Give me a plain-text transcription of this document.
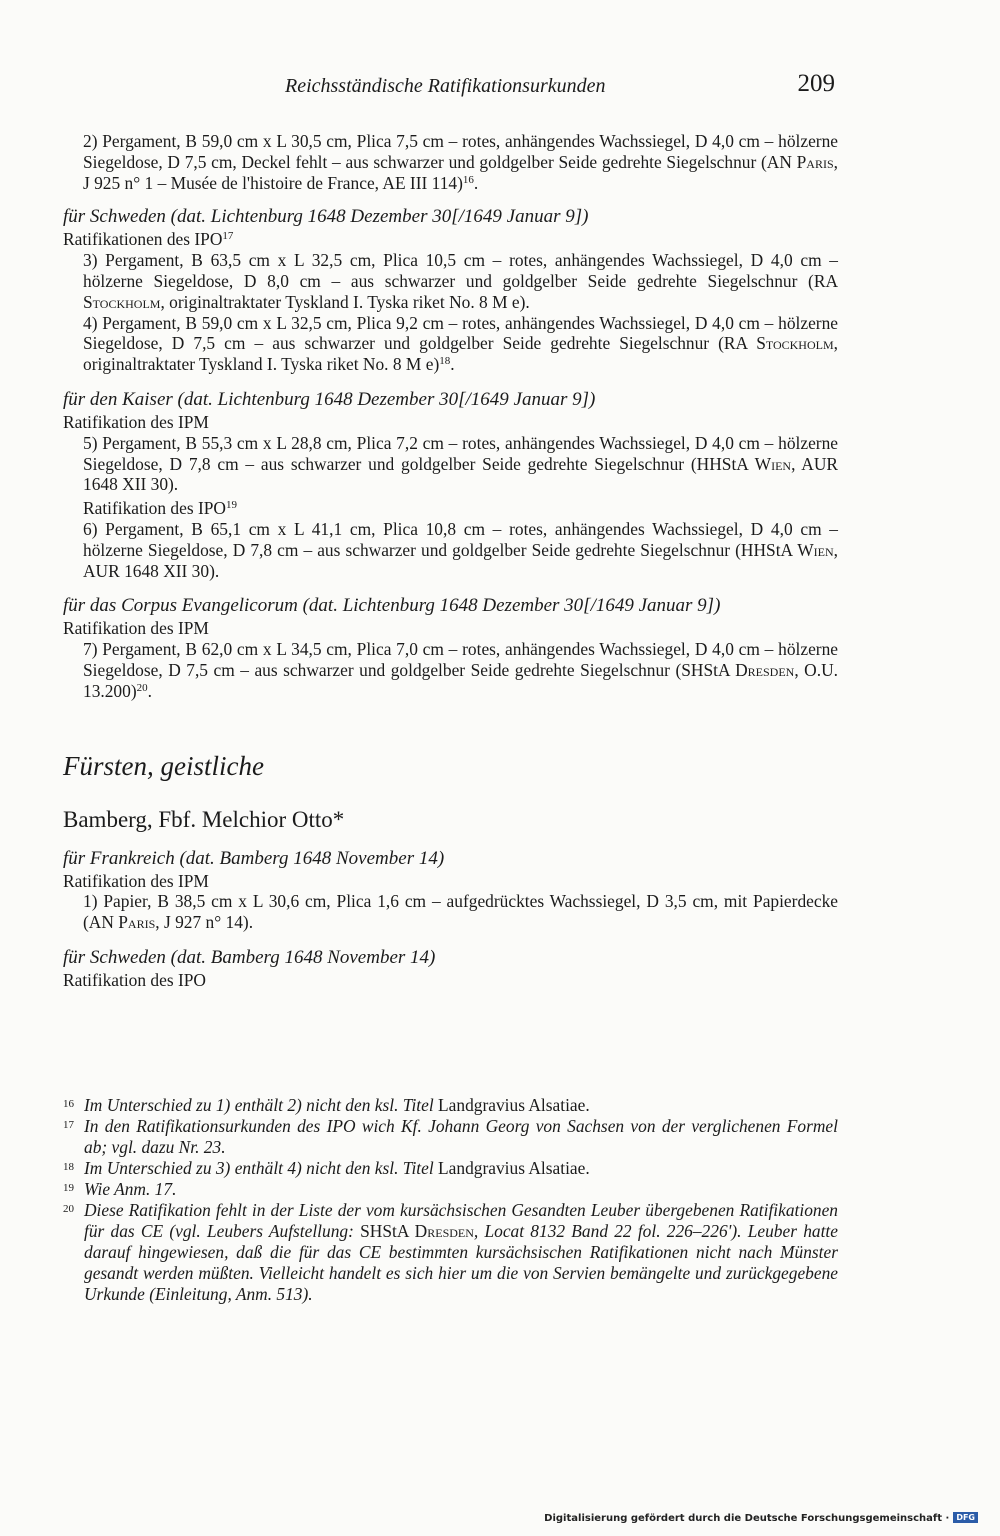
Reichsständische Ratifikationsurkunden	209

2) Pergament, B 59,0 cm x L 30,5 cm, Plica 7,5 cm – rotes, anhängendes Wachssiegel, D 4,0 cm – hölzerne Siegeldose, D 7,5 cm, Deckel fehlt – aus schwarzer und goldgelber Seide gedrehte Siegelschnur (AN Paris, J 925 n° 1 – Musée de l'histoire de France, AE III 114)$^{16}$.

für Schweden (dat. Lichtenburg 1648 Dezember 30[/1649 Januar 9])
Ratifikationen des IPO$^{17}$

3) Pergament, B 63,5 cm x L 32,5 cm, Plica 10,5 cm – rotes, anhängendes Wachssiegel, D 4,0 cm – hölzerne Siegeldose, D 8,0 cm – aus schwarzer und goldgelber Seide gedrehte Siegelschnur (RA Stockholm, originaltraktater Tyskland I. Tyska riket No. 8 M e).

4) Pergament, B 59,0 cm x L 32,5 cm, Plica 9,2 cm – rotes, anhängendes Wachssiegel, D 4,0 cm – hölzerne Siegeldose, D 7,5 cm – aus schwarzer und goldgelber Seide gedrehte Siegelschnur (RA Stockholm, originaltraktater Tyskland I. Tyska riket No. 8 M e)$^{18}$.

für den Kaiser (dat. Lichtenburg 1648 Dezember 30[/1649 Januar 9])
Ratifikation des IPM

5) Pergament, B 55,3 cm x L 28,8 cm, Plica 7,2 cm – rotes, anhängendes Wachssiegel, D 4,0 cm – hölzerne Siegeldose, D 7,8 cm – aus schwarzer und goldgelber Seide gedrehte Siegelschnur (HHStA Wien, AUR 1648 XII 30).

Ratifikation des IPO$^{19}$

6) Pergament, B 65,1 cm x L 41,1 cm, Plica 10,8 cm – rotes, anhängendes Wachssiegel, D 4,0 cm – hölzerne Siegeldose, D 7,8 cm – aus schwarzer und goldgelber Seide gedrehte Siegelschnur (HHStA Wien, AUR 1648 XII 30).

für das Corpus Evangelicorum (dat. Lichtenburg 1648 Dezember 30[/1649 Januar 9])
Ratifikation des IPM

7) Pergament, B 62,0 cm x L 34,5 cm, Plica 7,0 cm – rotes, anhängendes Wachssiegel, D 4,0 cm – hölzerne Siegeldose, D 7,5 cm – aus schwarzer und goldgelber Seide gedrehte Siegelschnur (SHStA Dresden, O.U. 13.200)$^{20}$.

Fürsten, geistliche
Bamberg, Fbf. Melchior Otto*
für Frankreich (dat. Bamberg 1648 November 14)
Ratifikation des IPM

1) Papier, B 38,5 cm x L 30,6 cm, Plica 1,6 cm – aufgedrücktes Wachssiegel, D 3,5 cm, mit Papierdecke (AN Paris, J 927 n° 14).

für Schweden (dat. Bamberg 1648 November 14)
Ratifikation des IPO

16 Im Unterschied zu 1) enthält 2) nicht den ksl. Titel Landgravius Alsatiae.

17 In den Ratifikationsurkunden des IPO wich Kf. Johann Georg von Sachsen von der verglichenen Formel ab; vgl. dazu Nr. 23.

18 Im Unterschied zu 3) enthält 4) nicht den ksl. Titel Landgravius Alsatiae.

19 Wie Anm. 17.

20 Diese Ratifikation fehlt in der Liste der vom kursächsischen Gesandten Leuber übergebenen Ratifikationen für das CE (vgl. Leubers Aufstellung: SHStA Dresden, Locat 8132 Band 22 fol. 226–226'). Leuber hatte darauf hingewiesen, daß die für das CE bestimmten kursächsischen Ratifikationen nicht nach Münster gesandt werden müßten. Vielleicht handelt es sich hier um die von Servien bemängelte und zurückgegebene Urkunde (Einleitung, Anm. 513).

Digitalisierung gefördert durch die Deutsche Forschungsgemeinschaft · DFG
